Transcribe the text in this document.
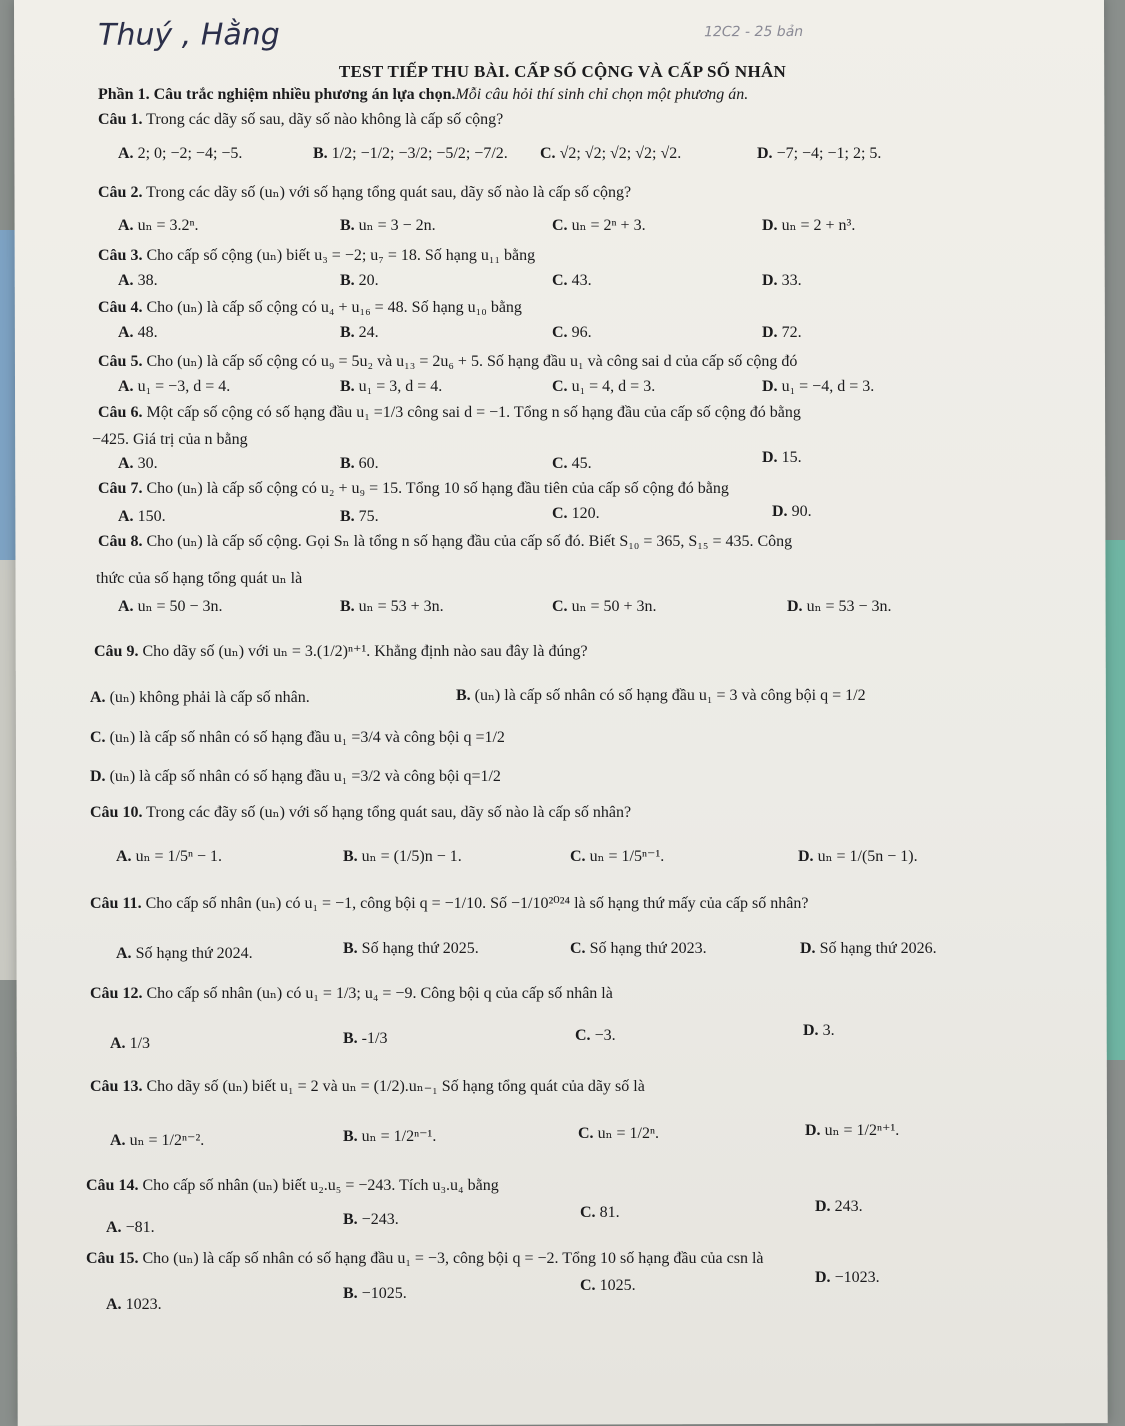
Thuý , Hằng	12C2 - 25 bản
TEST TIẾP THU BÀI. CẤP SỐ CỘNG VÀ CẤP SỐ NHÂN
Phần 1. Câu trắc nghiệm nhiều phương án lựa chọn.Mỗi câu hỏi thí sinh chỉ chọn một phương án.
Câu 1. Trong các dãy số sau, dãy số nào không là cấp số cộng?
A. 2; 0; −2; −4; −5.	B. 1/2; −1/2; −3/2; −5/2; −7/2. C. √2; √2; √2; √2; √2.	D. −7; −4; −1; 2; 5.
Câu 2. Trong các dãy số (uₙ) với số hạng tổng quát sau, dãy số nào là cấp số cộng?
A. uₙ = 3.2ⁿ.	B. uₙ = 3 − 2n.	C. uₙ = 2ⁿ + 3.	D. uₙ = 2 + n³.
Câu 3. Cho cấp số cộng (uₙ) biết u₃ = −2; u₇ = 18. Số hạng u₁₁ bằng
A. 38.	B. 20.	C. 43.	D. 33.
Câu 4. Cho (uₙ) là cấp số cộng có u₄ + u₁₆ = 48. Số hạng u₁₀ bằng
A. 48.	B. 24.	C. 96.	D. 72.
Câu 5. Cho (uₙ) là cấp số cộng có u₉ = 5u₂ và u₁₃ = 2u₆ + 5. Số hạng đầu u₁ và công sai d của cấp số cộng đó
A. u₁ = −3, d = 4.	B. u₁ = 3, d = 4.	C. u₁ = 4, d = 3.	D. u₁ = −4, d = 3.
Câu 6. Một cấp số cộng có số hạng đầu u₁ =1/3 công sai d = −1. Tổng n số hạng đầu của cấp số cộng đó bằng
−425. Giá trị của n bằng
A. 30.	B. 60.	C. 45.	D. 15.
Câu 7. Cho (uₙ) là cấp số cộng có u₂ + u₉ = 15. Tổng 10 số hạng đầu tiên của cấp số cộng đó bằng
A. 150.	B. 75.	C. 120.	D. 90.
Câu 8. Cho (uₙ) là cấp số cộng. Gọi Sₙ là tổng n số hạng đầu của cấp số đó. Biết S₁₀ = 365, S₁₅ = 435. Công
thức của số hạng tổng quát uₙ là
A. uₙ = 50 − 3n.	B. uₙ = 53 + 3n.	C. uₙ = 50 + 3n.	D. uₙ = 53 − 3n.
Câu 9. Cho dãy số (uₙ) với uₙ = 3.(1/2)ⁿ⁺¹. Khẳng định nào sau đây là đúng?
A. (uₙ) không phải là cấp số nhân.	B. (uₙ) là cấp số nhân có số hạng đầu u₁ = 3 và công bội q = 1/2
C. (uₙ) là cấp số nhân có số hạng đầu u₁ =3/4 và công bội q =1/2
D. (uₙ) là cấp số nhân có số hạng đầu u₁ =3/2 và công bội q=1/2
Câu 10. Trong các đãy số (uₙ) với số hạng tổng quát sau, dãy số nào là cấp số nhân?
A. uₙ = 1/5ⁿ − 1.	B. uₙ = (1/5)n − 1.	C. uₙ = 1/5ⁿ⁻¹.	D. uₙ = 1/(5n − 1).
Câu 11. Cho cấp số nhân (uₙ) có u₁ = −1, công bội q = −1/10. Số −1/10²⁰²⁴ là số hạng thứ mấy của cấp số nhân?
A. Số hạng thứ 2024.	B. Số hạng thứ 2025.	C. Số hạng thứ 2023.	D. Số hạng thứ 2026.
Câu 12. Cho cấp số nhân (uₙ) có u₁ = 1/3; u₄ = −9. Công bội q của cấp số nhân là
A. 1/3	B. -1/3	C. −3.	D. 3.
Câu 13. Cho dãy số (uₙ) biết u₁ = 2 và uₙ = (1/2).uₙ₋₁ Số hạng tổng quát của dãy số là
A. uₙ = 1/2ⁿ⁻².	B. uₙ = 1/2ⁿ⁻¹.	C. uₙ = 1/2ⁿ.	D. uₙ = 1/2ⁿ⁺¹.
Câu 14. Cho cấp số nhân (uₙ) biết u₂.u₅ = −243. Tích u₃.u₄ bằng
A. −81.	B. −243.	C. 81.	D. 243.
Câu 15. Cho (uₙ) là cấp số nhân có số hạng đầu u₁ = −3, công bội q = −2. Tổng 10 số hạng đầu của csn là
A. 1023.
B. −1025.	C. 1025.	D. −1023.
